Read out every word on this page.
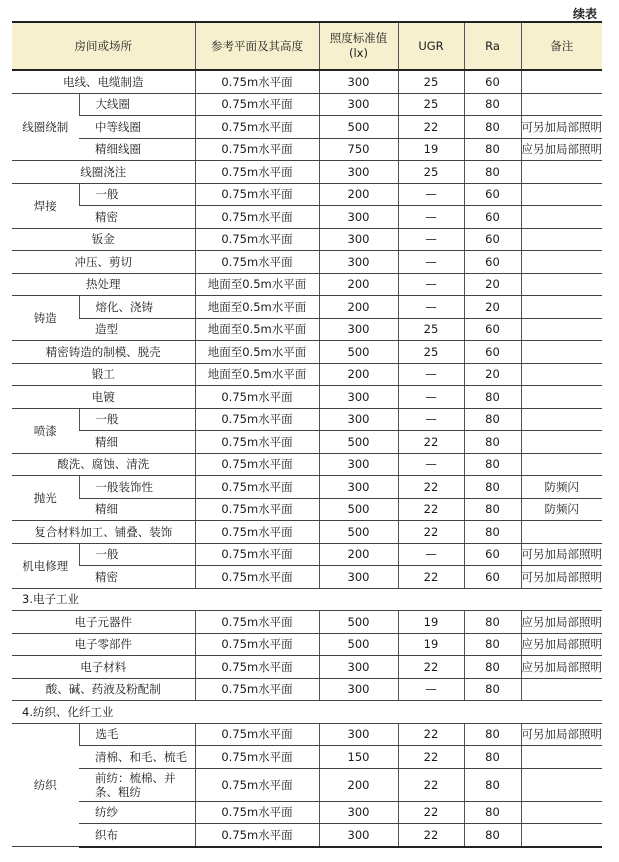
续表
房间或场所		参考平面及其高度	照度标准值
(lx)	UGR	Ra	备注
电线、电缆制造		0.75m水平面	300	25	60	
线圈绕制	大线圈	0.75m水平面	300	25	80	
	中等线圈	0.75m水平面	500	22	80	可另加局部照明
	精细线圈	0.75m水平面	750	19	80	应另加局部照明
线圈浇注		0.75m水平面	300	25	80	
焊接	一般	0.75m水平面	200	—	60	
	精密	0.75m水平面	300	—	60	
钣金		0.75m水平面	300	—	60	
冲压、剪切		0.75m水平面	300	—	60	
热处理		地面至0.5m水平面	200	—	20	
铸造	熔化、浇铸	地面至0.5m水平面	200	—	20	
	造型	地面至0.5m水平面	300	25	60	
精密铸造的制模、脱壳		地面至0.5m水平面	500	25	60	
锻工		地面至0.5m水平面	200	—	20	
电镀		0.75m水平面	300	—	80	
喷漆	一般	0.75m水平面	300	—	80	
	精细	0.75m水平面	500	22	80	
酸洗、腐蚀、清洗		0.75m水平面	300	—	80	
抛光	一般装饰性	0.75m水平面	300	22	80	防频闪
	精细	0.75m水平面	500	22	80	防频闪
复合材料加工、铺叠、装饰		0.75m水平面	500	22	80	
机电修理	一般	0.75m水平面	200	—	60	可另加局部照明
	精密	0.75m水平面	300	22	60	可另加局部照明
3.电子工业						
电子元器件		0.75m水平面	500	19	80	应另加局部照明
电子零部件		0.75m水平面	500	19	80	应另加局部照明
电子材料		0.75m水平面	300	22	80	应另加局部照明
酸、碱、药液及粉配制		0.75m水平面	300	—	80	
4.纺织、化纤工业						
纺织	选毛	0.75m水平面	300	22	80	可另加局部照明
	清棉、和毛、梳毛	0.75m水平面	150	22	80	
	前纺：梳棉、并条、粗纺	0.75m水平面	200	22	80	
	纺纱	0.75m水平面	300	22	80	
	织布	0.75m水平面	300	22	80	
